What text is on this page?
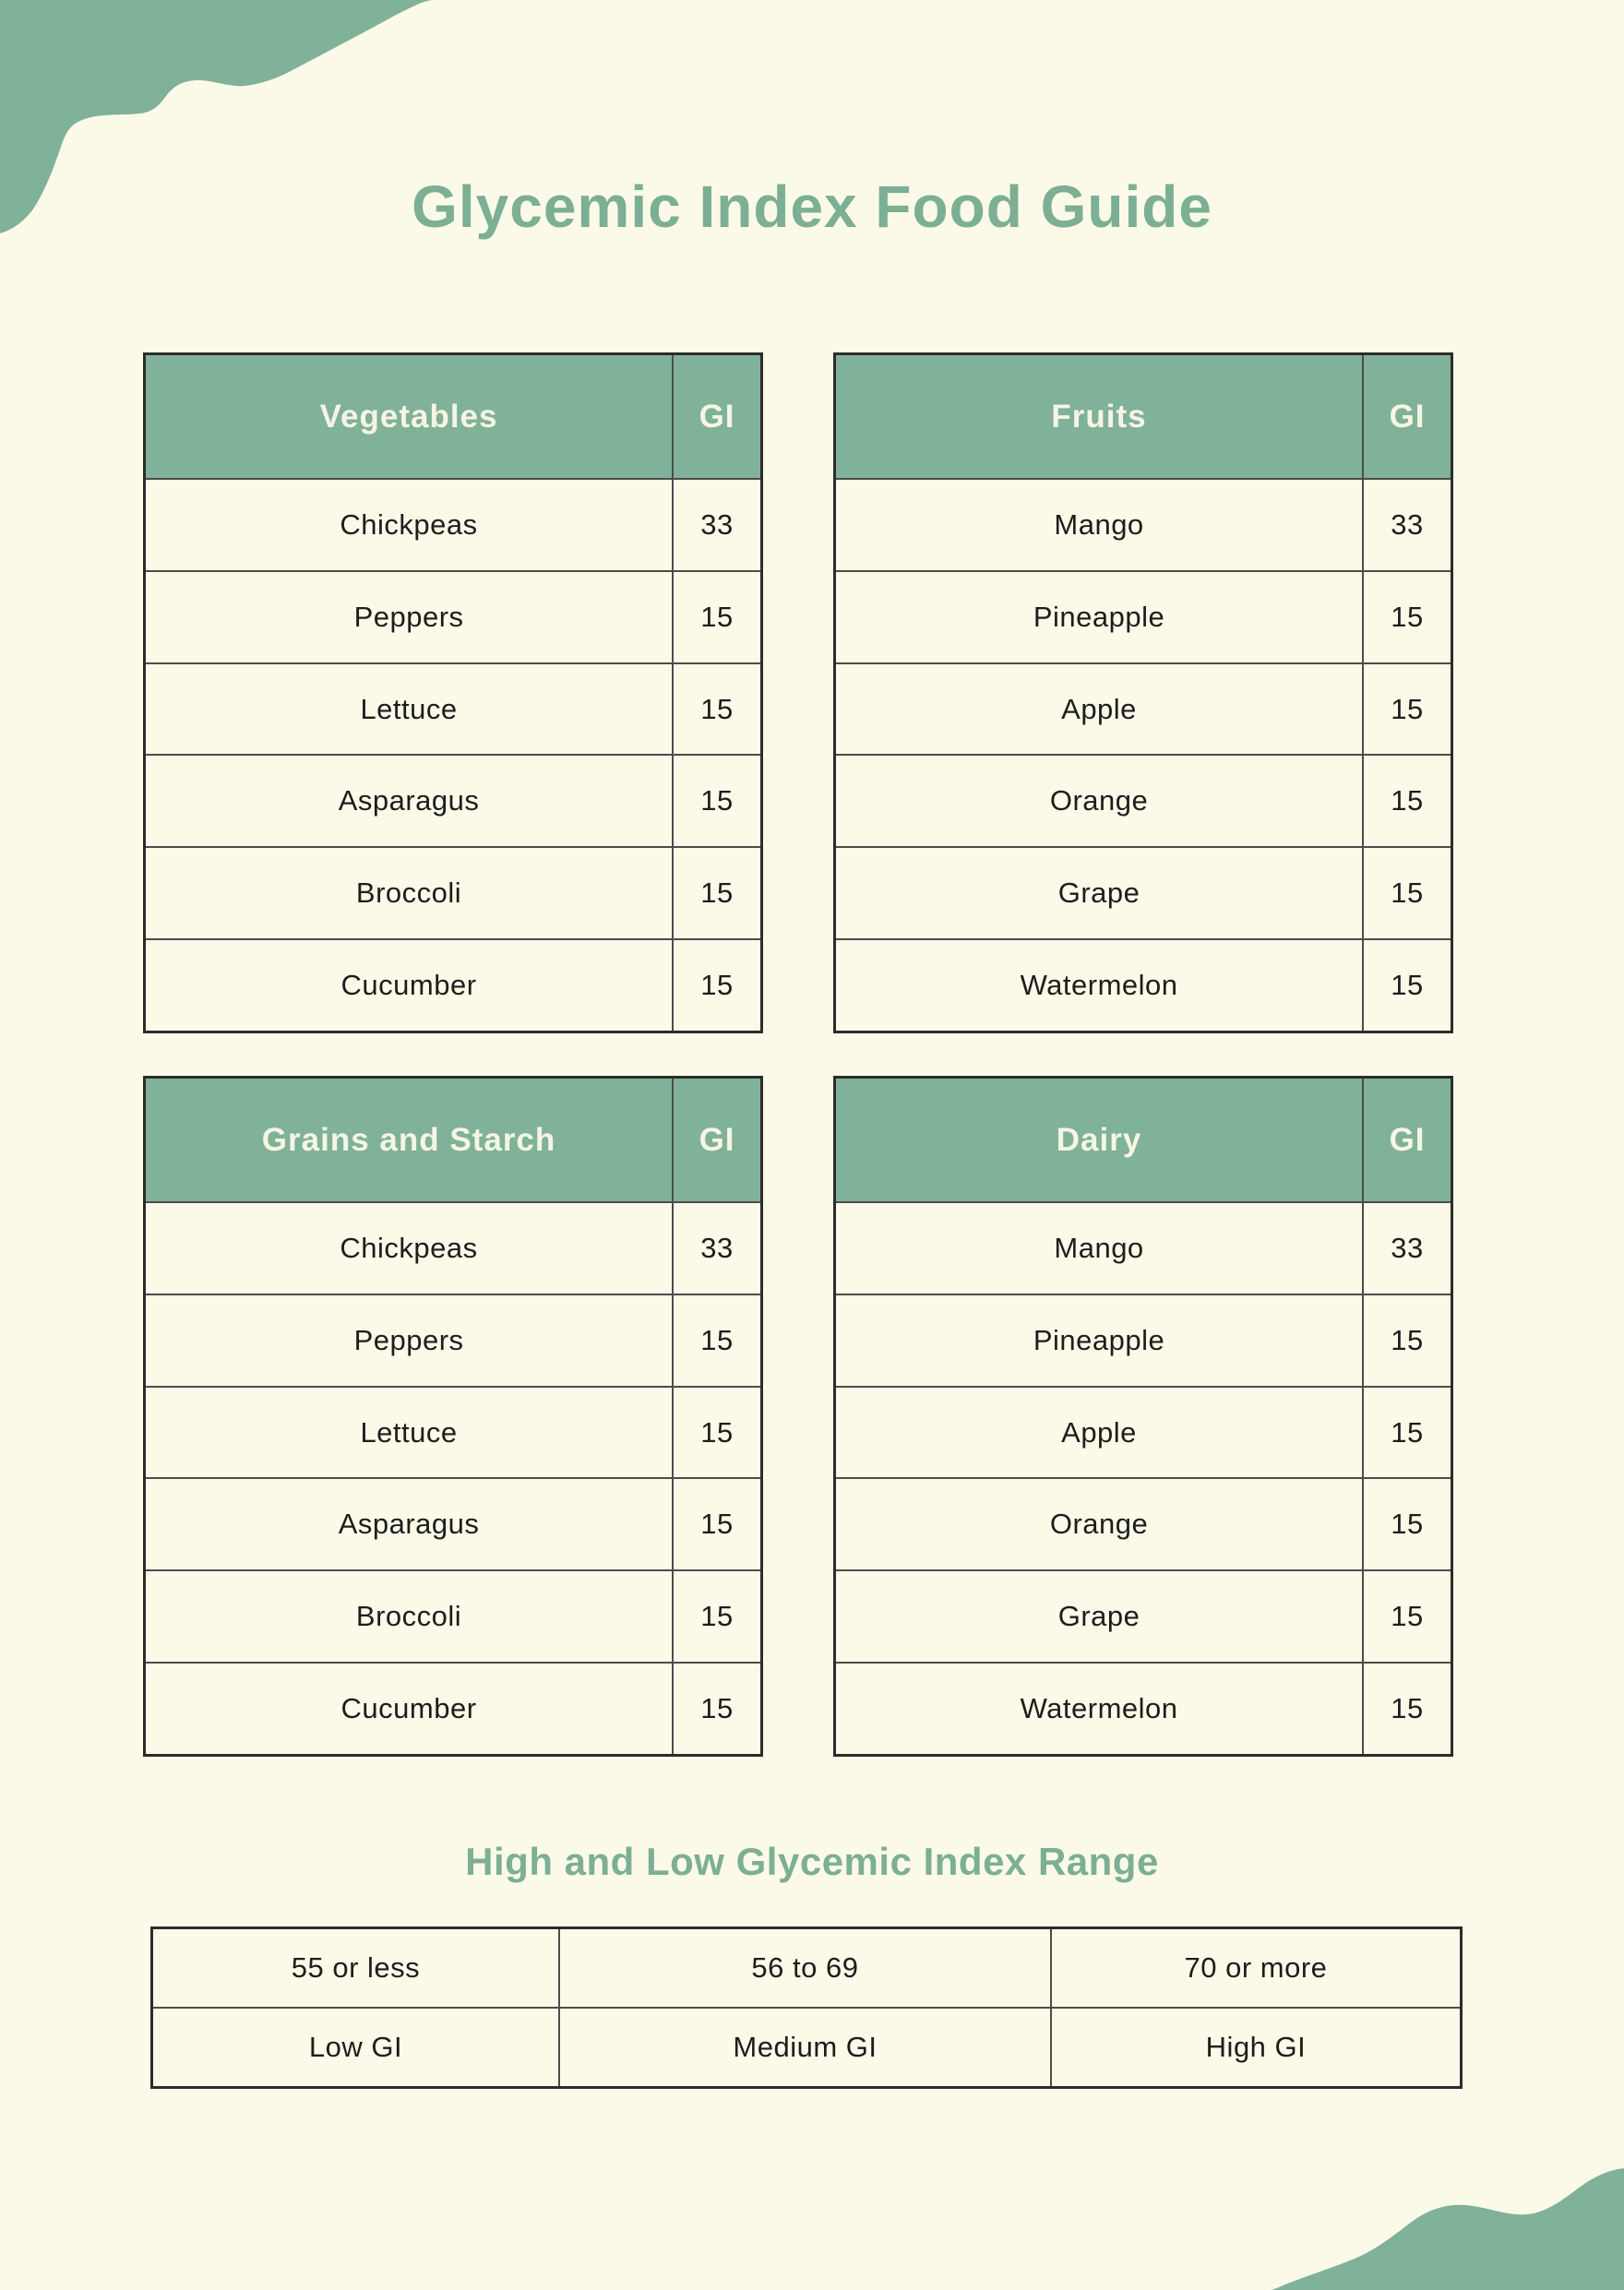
Glycemic Index Food Guide
Vegetables	GI
Chickpeas	33
Peppers	15
Lettuce	15
Asparagus	15
Broccoli	15
Cucumber	15
Fruits	GI
Mango	33
Pineapple	15
Apple	15
Orange	15
Grape	15
Watermelon	15
Grains and Starch	GI
Chickpeas	33
Peppers	15
Lettuce	15
Asparagus	15
Broccoli	15
Cucumber	15
Dairy	GI
Mango	33
Pineapple	15
Apple	15
Orange	15
Grape	15
Watermelon	15
High and Low Glycemic Index Range
55 or less	56 to 69	70 or more
Low GI	Medium GI	High GI
